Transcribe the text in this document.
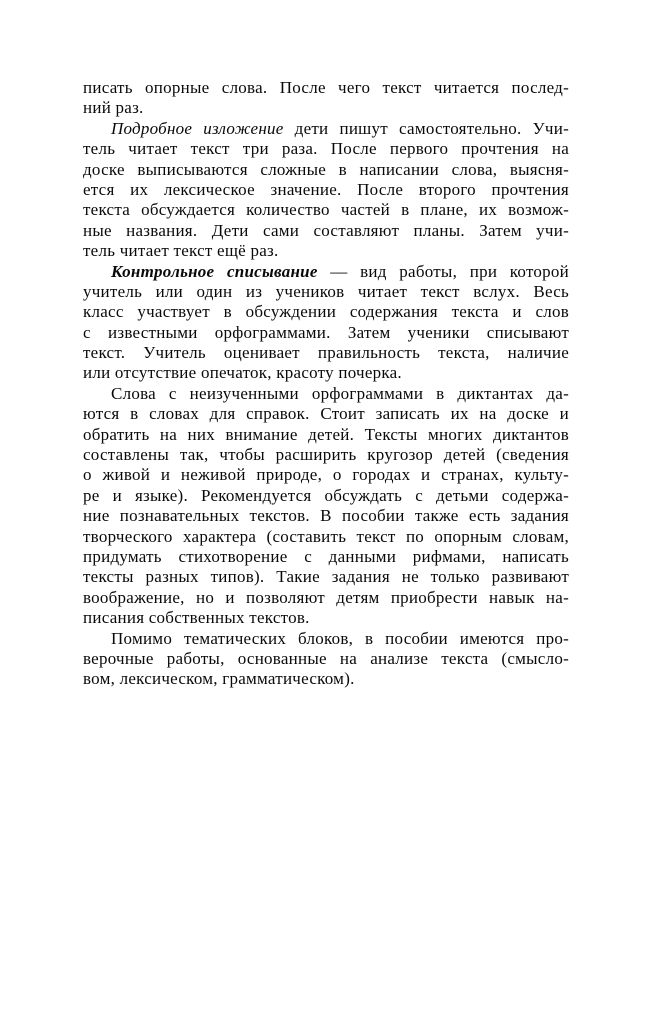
писать опорные слова. После чего текст читается послед-
ний раз.
Подробное изложение дети пишут самостоятельно. Учи-
тель читает текст три раза. После первого прочтения на
доске выписываются сложные в написании слова, выясня-
ется их лексическое значение. После второго прочтения
текста обсуждается количество частей в плане, их возмож-
ные названия. Дети сами составляют планы. Затем учи-
тель читает текст ещё раз.
Контрольное списывание — вид работы, при которой
учитель или один из учеников читает текст вслух. Весь
класс участвует в обсуждении содержания текста и слов
с известными орфограммами. Затем ученики списывают
текст. Учитель оценивает правильность текста, наличие
или отсутствие опечаток, красоту почерка.
Слова с неизученными орфограммами в диктантах да-
ются в словах для справок. Стоит записать их на доске и
обратить на них внимание детей. Тексты многих диктантов
составлены так, чтобы расширить кругозор детей (сведения
о живой и неживой природе, о городах и странах, культу-
ре и языке). Рекомендуется обсуждать с детьми содержа-
ние познавательных текстов. В пособии также есть задания
творческого характера (составить текст по опорным словам,
придумать стихотворение с данными рифмами, написать
тексты разных типов). Такие задания не только развивают
воображение, но и позволяют детям приобрести навык на-
писания собственных текстов.
Помимо тематических блоков, в пособии имеются про-
верочные работы, основанные на анализе текста (смысло-
вом, лексическом, грамматическом).
